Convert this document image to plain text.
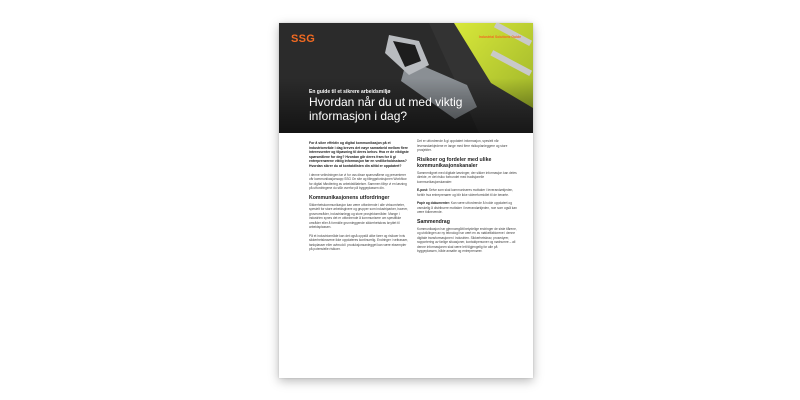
SSG	Industrial Solutions Guide
En guide til et sikrere arbeidsmiljø
Hvordan når du ut med viktig informasjon i dag?

For å sikre effektiv og digital kommunikasjon på et industriområde i dag kreves det nøye samarbeid mellom flere interessenter og tilpasning til deres behov. Hva er de viktigste spørsmålene for deg? Hvordan går deres fram for å gi entreprenørene viktig informasjon før en vedlikeholdsstans? Hvordan sikrer du at kontaktlisten din alltid er oppdatert?

I denne veiledningen tar vi for oss disse spørsmålene og presenterer vår kommunikasjonsapp SSG On site og tilleggsfunksjonen Workflow for digital håndtering av arbeidstillatelser. Sammen tilbyr vi en løsning på utfordringene du står overfor på byggeplassen din.

Kommunikasjonens utfordringer

Sikkerhetskommunikasjon kan være utfordrende i alle virksomheter, spesielt for store arbeidsgivere og grupper som industriparker, havner, gruveområder, industrianlegg og store prosjektområder. Mange i industrien synes det er utfordrende å kommunisere om spesifikke områder eller å formidle grunnleggende sikkerhetskrav knyttet til arbeidsplassen.

På et industriområde kan det også oppstå ulike farer og risikoer hvis sikkerhetskravene ikke oppdateres kontinuerlig. Endringer i veitrasser, tankplasser eller avbrudd i produksjonsanlegget kan være eksempler på potensielle risikoer.

Det er utfordrende å gi oppdatert informasjon, spesielt når leverandørkjedene er lange med flere risikoplanleggere og store prosjekter.

Risikoer og fordeler med ulike kommunikasjonskanaler

Sammenlignet med digitale løsninger, der sikker informasjon kan deles direkte, er det risiko forbundet med tradisjonelle kommunikasjonskanaler:

E-post: Selve som skal kommuniseres mottaker i leverandørkjeden, forblir hva entreprenører og blir ikke videreformidlet til de berørte.

Papir og dokumenter: Kan være utfordrende å holde oppdatert og vanskelig å distribuere mottaker i leverandørkjeden, noe som også kan være tidkrevende.

Sammendrag

Kommunikasjon har gjennomgått betydelige endringer de siste tiårene, og utviklingen av ny teknologi har vært en av nøkkelfaktorene i denne digitale transformasjonen i industrien. Sikkerhetskrav, prosedyrer, rapportering av farlige situasjoner, kontaktpersoner og nødnumre – all denne informasjonen skal være lett tilgjengelig for alle på byggeplassen, både ansatte og entreprenører.
